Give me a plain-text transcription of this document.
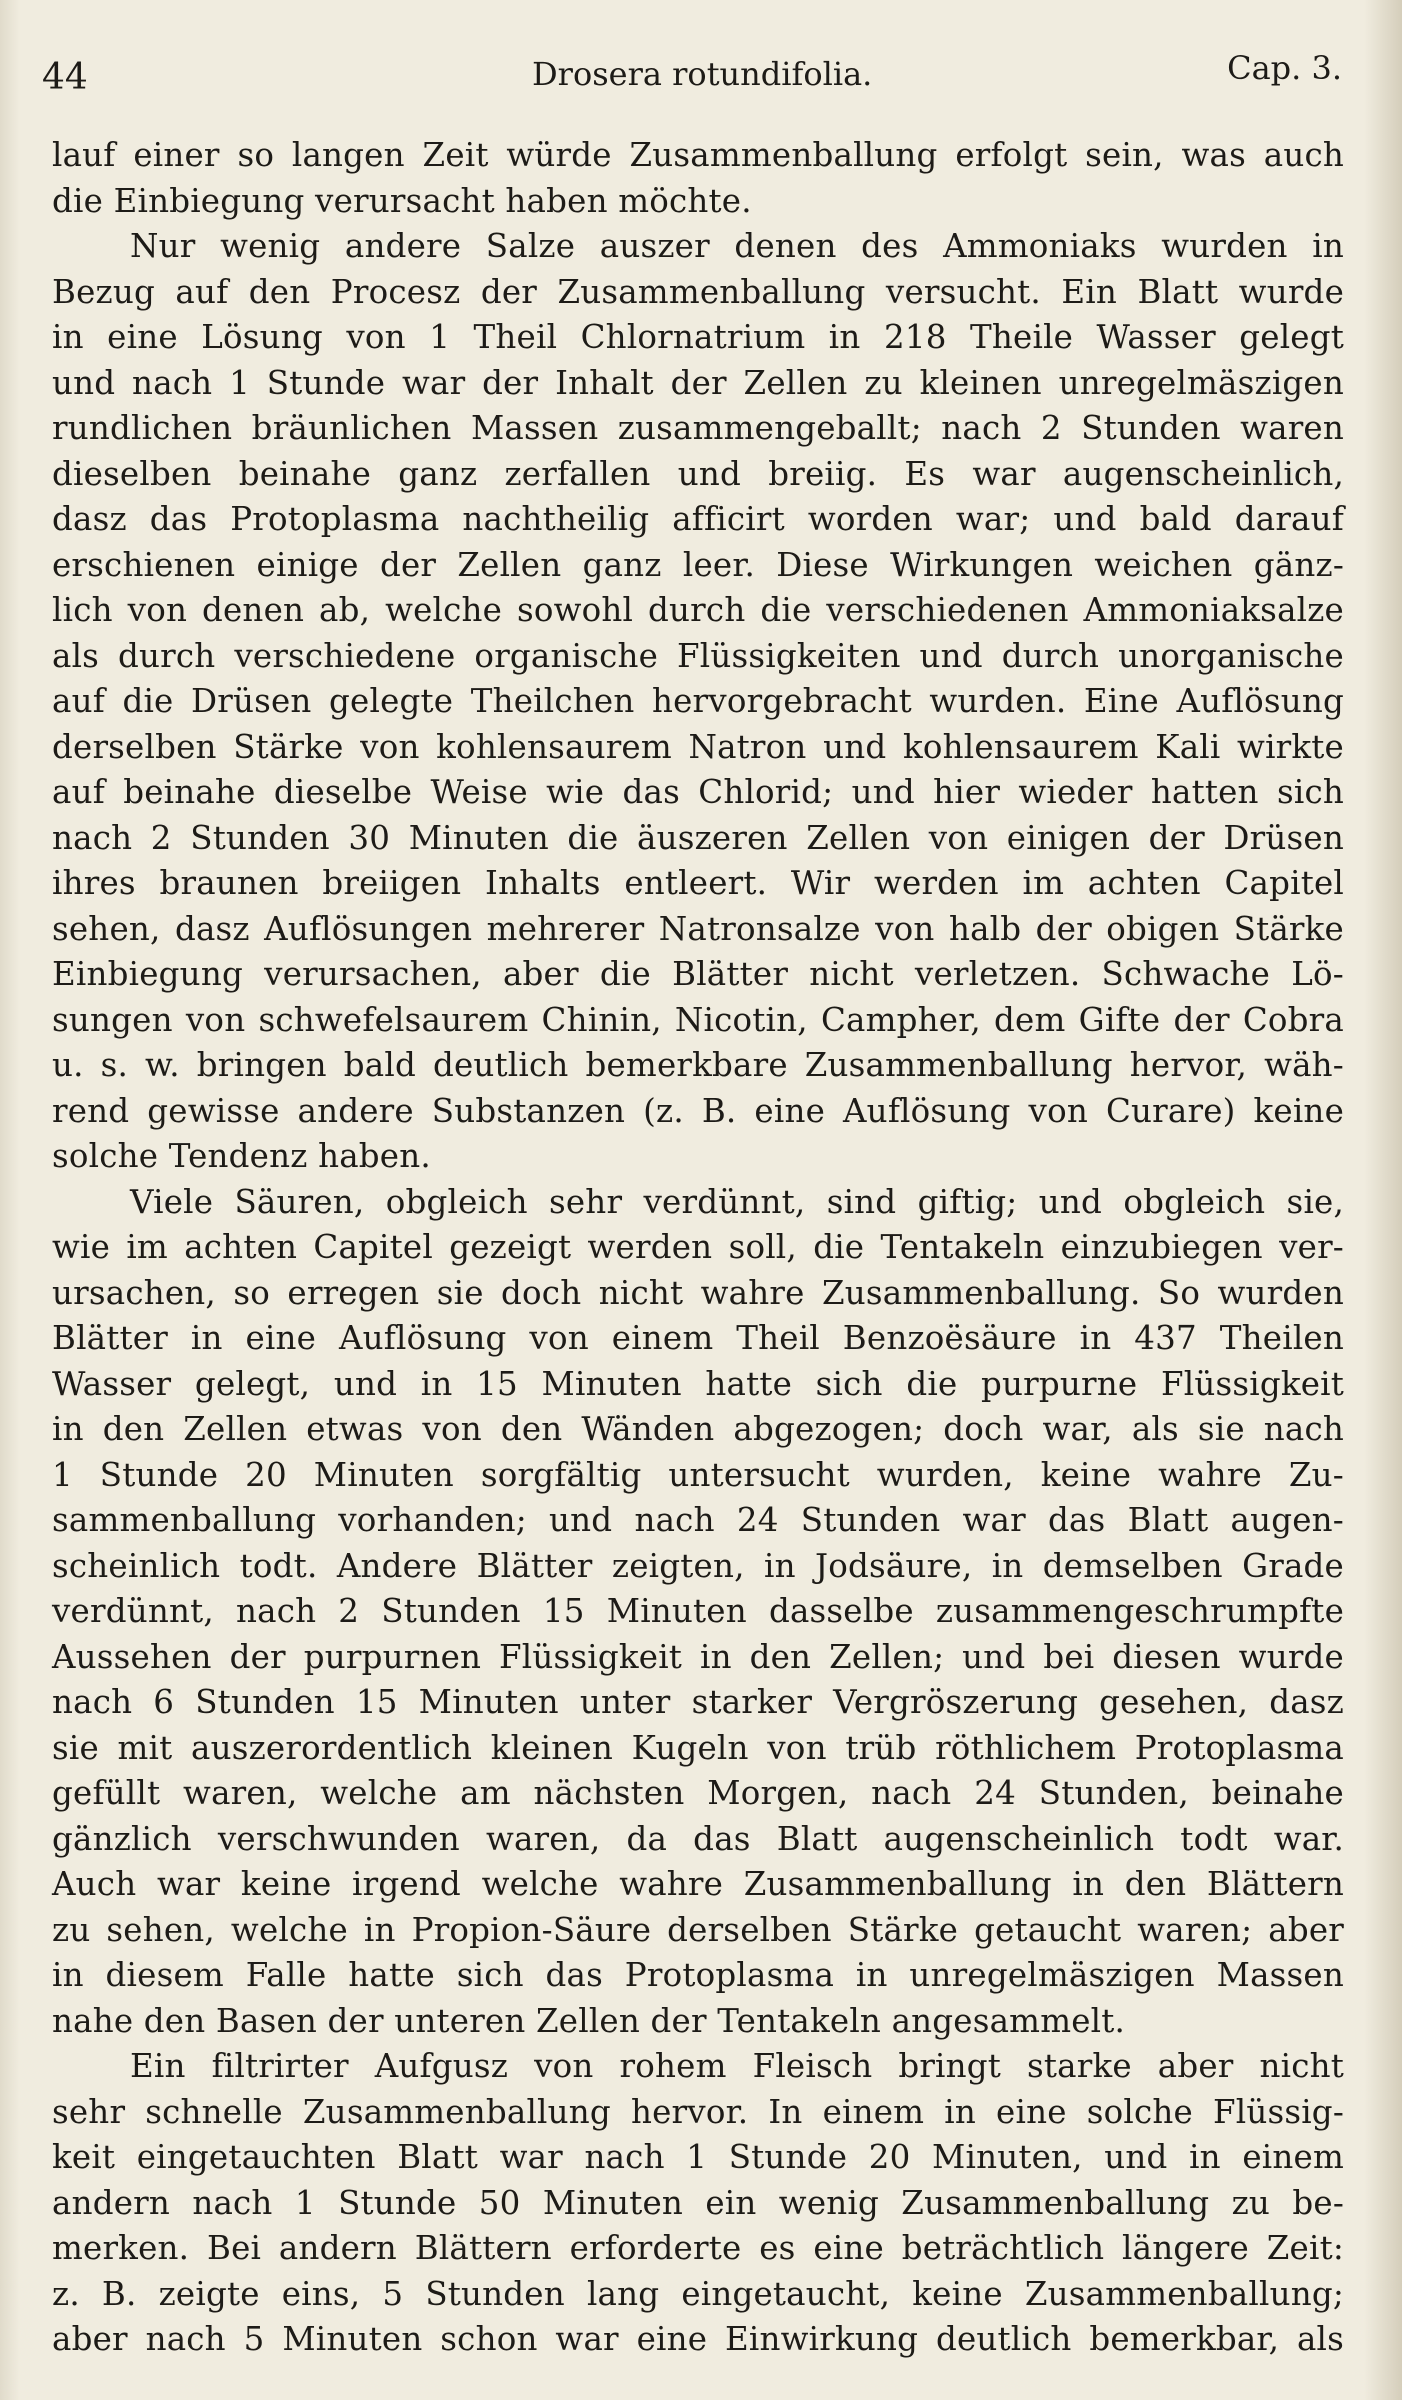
44	Drosera rotundifolia.	Cap. 3.
lauf einer so langen Zeit würde Zusammenballung erfolgt sein, was auch
die Einbiegung verursacht haben möchte.
Nur wenig andere Salze auszer denen des Ammoniaks wurden in
Bezug auf den Procesz der Zusammenballung versucht. Ein Blatt wurde
in eine Lösung von 1 Theil Chlornatrium in 218 Theile Wasser gelegt
und nach 1 Stunde war der Inhalt der Zellen zu kleinen unregelmäszigen
rundlichen bräunlichen Massen zusammengeballt; nach 2 Stunden waren
dieselben beinahe ganz zerfallen und breiig. Es war augenscheinlich,
dasz das Protoplasma nachtheilig afficirt worden war; und bald darauf
erschienen einige der Zellen ganz leer. Diese Wirkungen weichen gänz-
lich von denen ab, welche sowohl durch die verschiedenen Ammoniaksalze
als durch verschiedene organische Flüssigkeiten und durch unorganische
auf die Drüsen gelegte Theilchen hervorgebracht wurden. Eine Auflösung
derselben Stärke von kohlensaurem Natron und kohlensaurem Kali wirkte
auf beinahe dieselbe Weise wie das Chlorid; und hier wieder hatten sich
nach 2 Stunden 30 Minuten die äuszeren Zellen von einigen der Drüsen
ihres braunen breiigen Inhalts entleert. Wir werden im achten Capitel
sehen, dasz Auflösungen mehrerer Natronsalze von halb der obigen Stärke
Einbiegung verursachen, aber die Blätter nicht verletzen. Schwache Lö-
sungen von schwefelsaurem Chinin, Nicotin, Campher, dem Gifte der Cobra
u. s. w. bringen bald deutlich bemerkbare Zusammenballung hervor, wäh-
rend gewisse andere Substanzen (z. B. eine Auflösung von Curare) keine
solche Tendenz haben.
Viele Säuren, obgleich sehr verdünnt, sind giftig; und obgleich sie,
wie im achten Capitel gezeigt werden soll, die Tentakeln einzubiegen ver-
ursachen, so erregen sie doch nicht wahre Zusammenballung. So wurden
Blätter in eine Auflösung von einem Theil Benzoësäure in 437 Theilen
Wasser gelegt, und in 15 Minuten hatte sich die purpurne Flüssigkeit
in den Zellen etwas von den Wänden abgezogen; doch war, als sie nach
1 Stunde 20 Minuten sorgfältig untersucht wurden, keine wahre Zu-
sammenballung vorhanden; und nach 24 Stunden war das Blatt augen-
scheinlich todt. Andere Blätter zeigten, in Jodsäure, in demselben Grade
verdünnt, nach 2 Stunden 15 Minuten dasselbe zusammengeschrumpfte
Aussehen der purpurnen Flüssigkeit in den Zellen; und bei diesen wurde
nach 6 Stunden 15 Minuten unter starker Vergröszerung gesehen, dasz
sie mit auszerordentlich kleinen Kugeln von trüb röthlichem Protoplasma
gefüllt waren, welche am nächsten Morgen, nach 24 Stunden, beinahe
gänzlich verschwunden waren, da das Blatt augenscheinlich todt war.
Auch war keine irgend welche wahre Zusammenballung in den Blättern
zu sehen, welche in Propion-Säure derselben Stärke getaucht waren; aber
in diesem Falle hatte sich das Protoplasma in unregelmäszigen Massen
nahe den Basen der unteren Zellen der Tentakeln angesammelt.
Ein filtrirter Aufgusz von rohem Fleisch bringt starke aber nicht
sehr schnelle Zusammenballung hervor. In einem in eine solche Flüssig-
keit eingetauchten Blatt war nach 1 Stunde 20 Minuten, und in einem
andern nach 1 Stunde 50 Minuten ein wenig Zusammenballung zu be-
merken. Bei andern Blättern erforderte es eine beträchtlich längere Zeit:
z. B. zeigte eins, 5 Stunden lang eingetaucht, keine Zusammenballung;
aber nach 5 Minuten schon war eine Einwirkung deutlich bemerkbar, als
